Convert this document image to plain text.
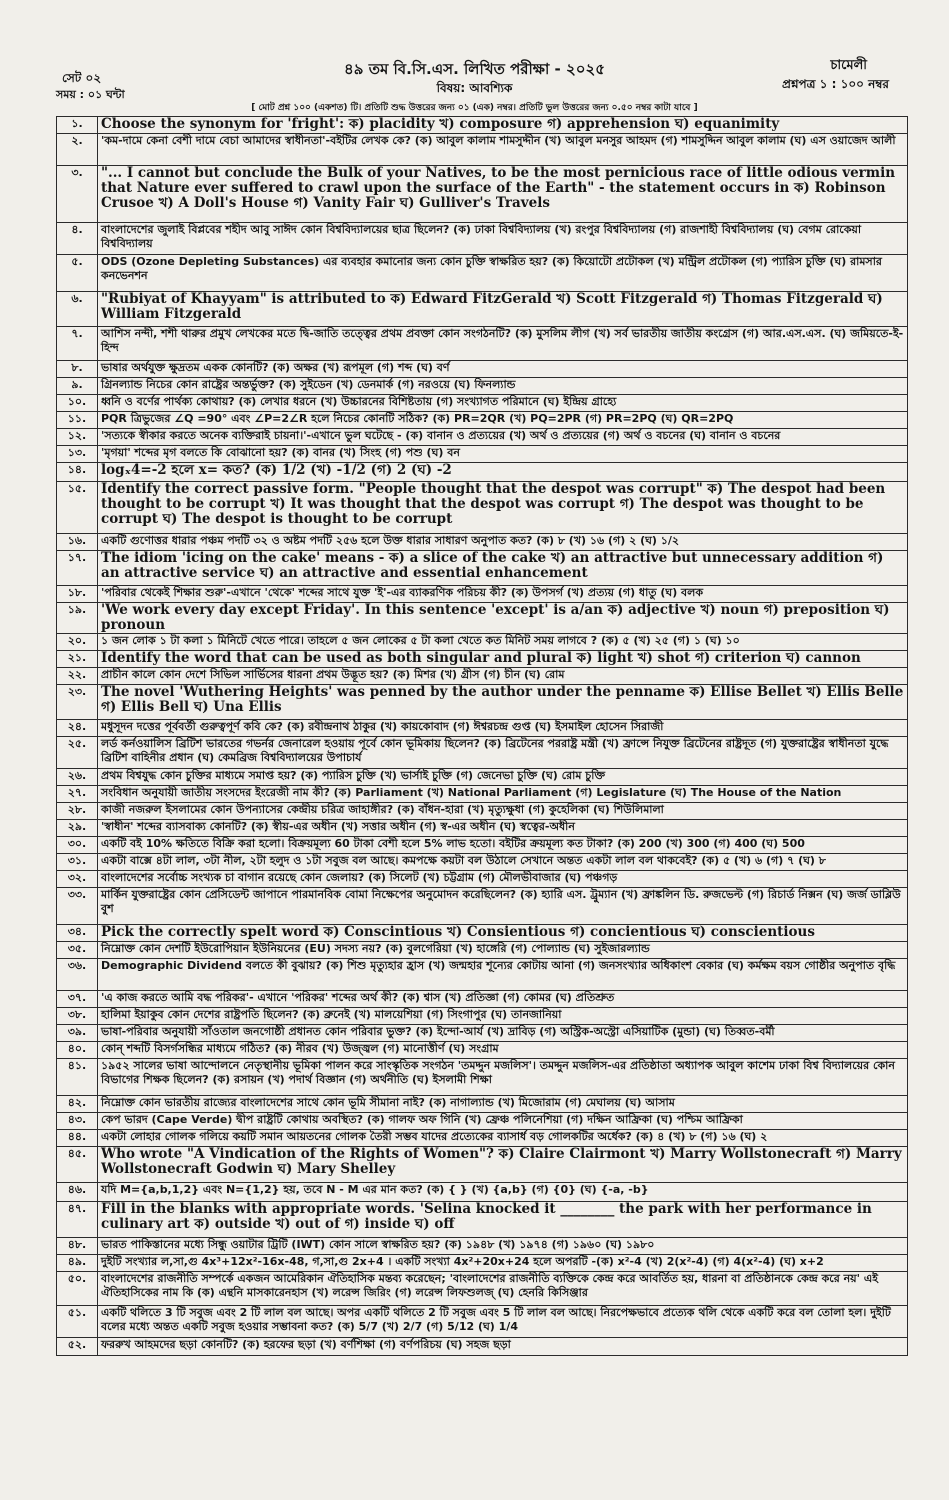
সেট ০২
সময় : ০১ ঘন্টা
৪৯ তম বি.সি.এস. লিখিত পরীক্ষা - ২০২৫
বিষয়: আবশ্যিক
চামেলী
প্রশ্নপত্র ১ : ১০০ নম্বর
[ মোট প্রশ্ন ১০০ (একশত) টি। প্রতিটি শুদ্ধ উত্তরের জন্য ০১ (এক) নম্বর। প্রতিটি ভুল উত্তরের জন্য ০.৫০ নম্বর কাটা যাবে ]
১.	Choose the synonym for 'fright': ক) placidity খ) composure গ) apprehension ঘ) equanimity
২.	'কম-দামে কেনা বেশী দামে বেচা আমাদের স্বাধীনতা'-বইটির লেখক কে? (ক) আবুল কালাম শামসুদ্দীন (খ) আবুল মনসুর আহমদ (গ) শামসুদ্দিন আবুল কালাম (ঘ) এস ওয়াজেদ আলী
৩.	"... I cannot but conclude the Bulk of your Natives, to be the most pernicious race of little odious vermin that Nature ever suffered to crawl upon the surface of the Earth" - the statement occurs in ক) Robinson Crusoe খ) A Doll's House গ) Vanity Fair ঘ) Gulliver's Travels
৪.	বাংলাদেশের জুলাই বিপ্লবের শহীদ আবু সাঈদ কোন বিশ্ববিদ্যালয়ের ছাত্র ছিলেন? (ক) ঢাকা বিশ্ববিদ্যালয় (খ) রংপুর বিশ্ববিদ্যালয় (গ) রাজশাহী বিশ্ববিদ্যালয় (ঘ) বেগম রোকেয়া বিশ্ববিদ্যালয়
৫.	ODS (Ozone Depleting Substances) এর ব্যবহার কমানোর জন্য কোন চুক্তি স্বাক্ষরিত হয়? (ক) কিয়োটো প্রটোকল (খ) মন্ট্রিল প্রটোকল (গ) প্যারিস চুক্তি (ঘ) রামসার কনভেনশন
৬.	"Rubiyat of Khayyam" is attributed to ক) Edward FitzGerald খ) Scott Fitzgerald গ) Thomas Fitzgerald ঘ) William Fitzgerald
৭.	আশিস নন্দী, শশী থারুর প্রমুখ লেখকের মতে দ্বি-জাতি তত্ত্বের প্রথম প্রবক্তা কোন সংগঠনটি? (ক) মুসলিম লীগ (খ) সর্ব ভারতীয় জাতীয় কংগ্রেস (গ) আর.এস.এস. (ঘ) জমিয়তে-ই-হিন্দ
৮.	ভাষার অর্থযুক্ত ক্ষুদ্রতম একক কোনটি? (ক) অক্ষর (খ) রূপমূল (গ) শব্দ (ঘ) বর্ণ
৯.	গ্রিনল্যান্ড নিচের কোন রাষ্ট্রের অন্তর্ভুক্ত? (ক) সুইডেন (খ) ডেনমার্ক (গ) নরওয়ে (ঘ) ফিনল্যান্ড
১০.	ধ্বনি ও বর্ণের পার্থক্য কোথায়? (ক) লেখার ধরনে (খ) উচ্চারনের বিশিষ্টতায় (গ) সংখ্যাগত পরিমানে (ঘ) ইন্দ্রিয় গ্রাহ্যে
১১.	PQR ত্রিভুজের ∠Q =90° এবং ∠P=2∠R হলে নিচের কোনটি সঠিক? (ক) PR=2QR (খ) PQ=2PR (গ) PR=2PQ (ঘ) QR=2PQ
১২.	'সত্যকে স্বীকার করতে অনেক ব্যক্তিরাই চায়না।'-এখানে ভুল ঘটেছে - (ক) বানান ও প্রত্যয়ের (খ) অর্থ ও প্রত্যয়ের (গ) অর্থ ও বচনের (ঘ) বানান ও বচনের
১৩.	'মৃগয়া' শব্দের মৃগ বলতে কি বোঝানো হয়? (ক) বানর (খ) সিংহ (গ) পশু (ঘ) বন
১৪.	logₓ4=-2 হলে x= কত? (ক) 1/2 (খ) -1/2 (গ) 2 (ঘ) -2
১৫.	Identify the correct passive form. "People thought that the despot was corrupt" ক) The despot had been thought to be corrupt খ) It was thought that the despot was corrupt গ) The despot was thought to be corrupt ঘ) The despot is thought to be corrupt
১৬.	একটি গুণোত্তর ধারার পঞ্চম পদটি ৩২ ও অষ্টম পদটি ২৫৬ হলে উক্ত ধারার সাধারণ অনুপাত কত? (ক) ৮ (খ) ১৬ (গ) ২ (ঘ) ১/২
১৭.	The idiom 'icing on the cake' means - ক) a slice of the cake খ) an attractive but unnecessary addition গ) an attractive service ঘ) an attractive and essential enhancement
১৮.	'পরিবার থেকেই শিক্ষার শুরু'-এখানে 'থেকে' শব্দের সাথে যুক্ত 'ই'-এর ব্যাকরণিক পরিচয় কী? (ক) উপসর্গ (খ) প্রত্যয় (গ) ধাতু (ঘ) বলক
১৯.	'We work every day except Friday'. In this sentence 'except' is a/an ক) adjective খ) noun গ) preposition ঘ) pronoun
২০.	১ জন লোক ১ টা কলা ১ মিনিটে খেতে পারে। তাহলে ৫ জন লোকের ৫ টা কলা খেতে কত মিনিট সময় লাগবে ? (ক) ৫ (খ) ২৫ (গ) ১ (ঘ) ১০
২১.	Identify the word that can be used as both singular and plural ক) light খ) shot গ) criterion ঘ) cannon
২২.	প্রাচীন কালে কোন দেশে সিভিল সার্ভিসের ধারনা প্রথম উদ্ভূত হয়? (ক) মিশর (খ) গ্রীস (গ) চীন (ঘ) রোম
২৩.	The novel 'Wuthering Heights' was penned by the author under the penname ক) Ellise Bellet খ) Ellis Belle গ) Ellis Bell ঘ) Una Ellis
২৪.	মধুসূদন দত্তের পূর্ববর্তী গুরুত্বপূর্ণ কবি কে? (ক) রবীন্দ্রনাথ ঠাকুর (খ) কায়কোবাদ (গ) ঈশ্বরচন্দ্র গুপ্ত (ঘ) ইসমাইল হোসেন সিরাজী
২৫.	লর্ড কর্নওয়ালিস ব্রিটিশ ভারতের গভর্নর জেনারেল হওয়ায় পূর্বে কোন ভূমিকায় ছিলেন? (ক) ব্রিটেনের পররাষ্ট্র মন্ত্রী (খ) ফ্রান্সে নিযুক্ত ব্রিটেনের রাষ্ট্রদূত (গ) যুক্তরাষ্ট্রের স্বাধীনতা যুদ্ধে ব্রিটিশ বাহিনীর প্রধান (ঘ) কেমব্রিজ বিশ্ববিদ্যালয়ের উপাচার্য
২৬.	প্রথম বিশ্বযুদ্ধ কোন চুক্তির মাধ্যমে সমাপ্ত হয়? (ক) প্যারিস চুক্তি (খ) ভার্সাই চুক্তি (গ) জেনেভা চুক্তি (ঘ) রোম চুক্তি
২৭.	সংবিধান অনুযায়ী জাতীয় সংসদের ইংরেজী নাম কী? (ক) Parliament (খ) National Parliament (গ) Legislature (ঘ) The House of the Nation
২৮.	কাজী নজরুল ইসলামের কোন উপন্যাসের কেন্দ্রীয় চরিত্র জাহাঙ্গীর? (ক) বাঁধন-হারা (খ) মৃত্যুক্ষুধা (গ) কুহেলিকা (ঘ) শিউলিমালা
২৯.	'স্বাধীন' শব্দের ব্যাসবাক্য কোনটি? (ক) স্বীয়-এর অধীন (খ) সত্তার অধীন (গ) স্ব-এর অধীন (ঘ) স্বত্বের-অধীন
৩০.	একটি বই 10% ক্ষতিতে বিক্রি করা হলো। বিক্রয়মূল্য 60 টাকা বেশী হলে 5% লাভ হতো। বইটির ক্রয়মূল্য কত টাকা? (ক) 200 (খ) 300 (গ) 400 (ঘ) 500
৩১.	একটা বাক্সে ৪টা লাল, ৩টা নীল, ২টা হলুদ ও ১টা সবুজ বল আছে। কমপক্ষে কয়টা বল উঠালে সেখানে অন্তত একটা লাল বল থাকবেই? (ক) ৫ (খ) ৬ (গ) ৭ (ঘ) ৮
৩২.	বাংলাদেশের সর্বোচ্চ সংখ্যক চা বাগান রয়েছে কোন জেলায়? (ক) সিলেট (খ) চট্টগ্রাম (গ) মৌলভীবাজার (ঘ) পঞ্চগড়
৩৩.	মার্কিন যুক্তরাষ্ট্রের কোন প্রেসিডেন্ট জাপানে পারমানবিক বোমা নিক্ষেপের অনুমোদন করেছিলেন? (ক) হ্যারি এস. ট্রুম্যান (খ) ফ্রাঙ্কলিন ডি. রুজভেল্ট (গ) রিচার্ড নিক্সন (ঘ) জর্জ ডাব্লিউ বুশ
৩৪.	Pick the correctly spelt word ক) Conscintious খ) Consientious গ) concientious ঘ) conscientious
৩৫.	নিম্নোক্ত কোন দেশটি ইউরোপিয়ান ইউনিয়নের (EU) সদস্য নয়? (ক) বুলগেরিয়া (খ) হাঙ্গেরি (গ) পোল্যান্ড (ঘ) সুইজারল্যান্ড
৩৬.	Demographic Dividend বলতে কী বুঝায়? (ক) শিশু মৃত্যুহার হ্রাস (খ) জন্মহার শূন্যের কোটায় আনা (গ) জনসংখ্যার অধিকাংশ বেকার (ঘ) কর্মক্ষম বয়স গোষ্ঠীর অনুপাত বৃদ্ধি
৩৭.	'এ কাজ করতে আমি বদ্ধ পরিকর'- এখানে 'পরিকর' শব্দের অর্থ কী? (ক) শ্বাস (খ) প্রতিজ্ঞা (গ) কোমর (ঘ) প্রতিশ্রুত
৩৮.	হালিমা ইয়াকুব কোন দেশের রাষ্ট্রপতি ছিলেন? (ক) ব্রুনেই (খ) মালয়েশিয়া (গ) সিংগাপুর (ঘ) তানজানিয়া
৩৯.	ভাষা-পরিবার অনুযায়ী সাঁওতাল জনগোষ্ঠী প্রধানত কোন পরিবার ভুক্ত? (ক) ইন্দো-আর্য (খ) দ্রাবিড় (গ) অস্ট্রিক-অস্ট্রো এসিয়াটিক (মুন্ডা) (ঘ) তিব্বত-বর্মী
৪০.	কোন্ শব্দটি বিসর্গসন্ধির মাধ্যমে গঠিত? (ক) নীরব (খ) উজ্জ্বল (গ) মানোত্তীর্ণ (ঘ) সংগ্রাম
৪১.	১৯৫২ সালের ভাষা আন্দোলনে নেতৃস্থানীয় ভূমিকা পালন করে সাংস্কৃতিক সংগঠন 'তমদ্দুন মজলিস'। তমদ্দুন মজলিস-এর প্রতিষ্ঠাতা অধ্যাপক আবুল কাশেম ঢাকা বিশ্ব বিদ্যালয়ের কোন বিভাগের শিক্ষক ছিলেন? (ক) রসায়ন (খ) পদার্থ বিজ্ঞান (গ) অর্থনীতি (ঘ) ইসলামী শিক্ষা
৪২.	নিম্নোক্ত কোন ভারতীয় রাজ্যের বাংলাদেশের সাথে কোন ভূমি সীমানা নাই? (ক) নাগাল্যান্ড (খ) মিজোরাম (গ) মেঘালয় (ঘ) আসাম
৪৩.	কেপ ভারদ (Cape Verde) দ্বীপ রাষ্ট্রটি কোথায় অবস্থিত? (ক) গালফ অফ গিনি (খ) ফ্রেঞ্চ পলিনেশিয়া (গ) দক্ষিন আফ্রিকা (ঘ) পশ্চিম আফ্রিকা
৪৪.	একটা লোহার গোলক গলিয়ে কয়টি সমান আয়তনের গোলক তৈরী সম্ভব যাদের প্রত্যেকের ব্যাসার্ধ বড় গোলকটির অর্ধেক? (ক) ৪ (খ) ৮ (গ) ১৬ (ঘ) ২
৪৫.	Who wrote "A Vindication of the Rights of Women"? ক) Claire Clairmont খ) Marry Wollstonecraft গ) Marry Wollstonecraft Godwin ঘ) Mary Shelley
৪৬.	যদি M={a,b,1,2} এবং N={1,2} হয়, তবে N - M এর মান কত? (ক) { } (খ) {a,b} (গ) {0} (ঘ) {-a, -b}
৪৭.	Fill in the blanks with appropriate words. 'Selina knocked it ________ the park with her performance in culinary art ক) outside খ) out of গ) inside ঘ) off
৪৮.	ভারত পাকিস্তানের মধ্যে সিন্ধু ওয়াটার ট্রিটি (IWT) কোন সালে স্বাক্ষরিত হয়? (ক) ১৯৪৮ (খ) ১৯৭৪ (গ) ১৯৬০ (ঘ) ১৯৮০
৪৯.	দুইটি সংখ্যার ল,সা,গু 4x³+12x²-16x-48, গ,সা,গু 2x+4 । একটি সংখ্যা 4x²+20x+24 হলে অপরটি -(ক) x²-4 (খ) 2(x²-4) (গ) 4(x²-4) (ঘ) x+2
৫০.	বাংলাদেশের রাজনীতি সম্পর্কে একজন আমেরিকান ঐতিহাসিক মন্তব্য করেছেন; 'বাংলাদেশের রাজনীতি ব্যক্তিকে কেন্দ্র করে আবর্তিত হয়, ধারনা বা প্রতিষ্ঠানকে কেন্দ্র করে নয়' এই ঐতিহাসিকের নাম কি (ক) এন্থনি মাসকারেনহাস (খ) লরেন্স জিরিং (গ) লরেন্স লিফশুলজ্ (ঘ) হেনরি কিসিঞ্জার
৫১.	একটি থলিতে 3 টি সবুজ এবং 2 টি লাল বল আছে। অপর একটি থলিতে 2 টি সবুজ এবং 5 টি লাল বল আছে। নিরপেক্ষভাবে প্রত্যেক থলি থেকে একটি করে বল তোলা হল। দুইটি বলের মধ্যে অন্তত একটি সবুজ হওয়ার সম্ভাবনা কত? (ক) 5/7 (খ) 2/7 (গ) 5/12 (ঘ) 1/4
৫২.	ফররুখ আহমদের ছড়া কোনটি? (ক) হরফের ছড়া (খ) বর্ণশিক্ষা (গ) বর্ণপরিচয় (ঘ) সহজ ছড়া
